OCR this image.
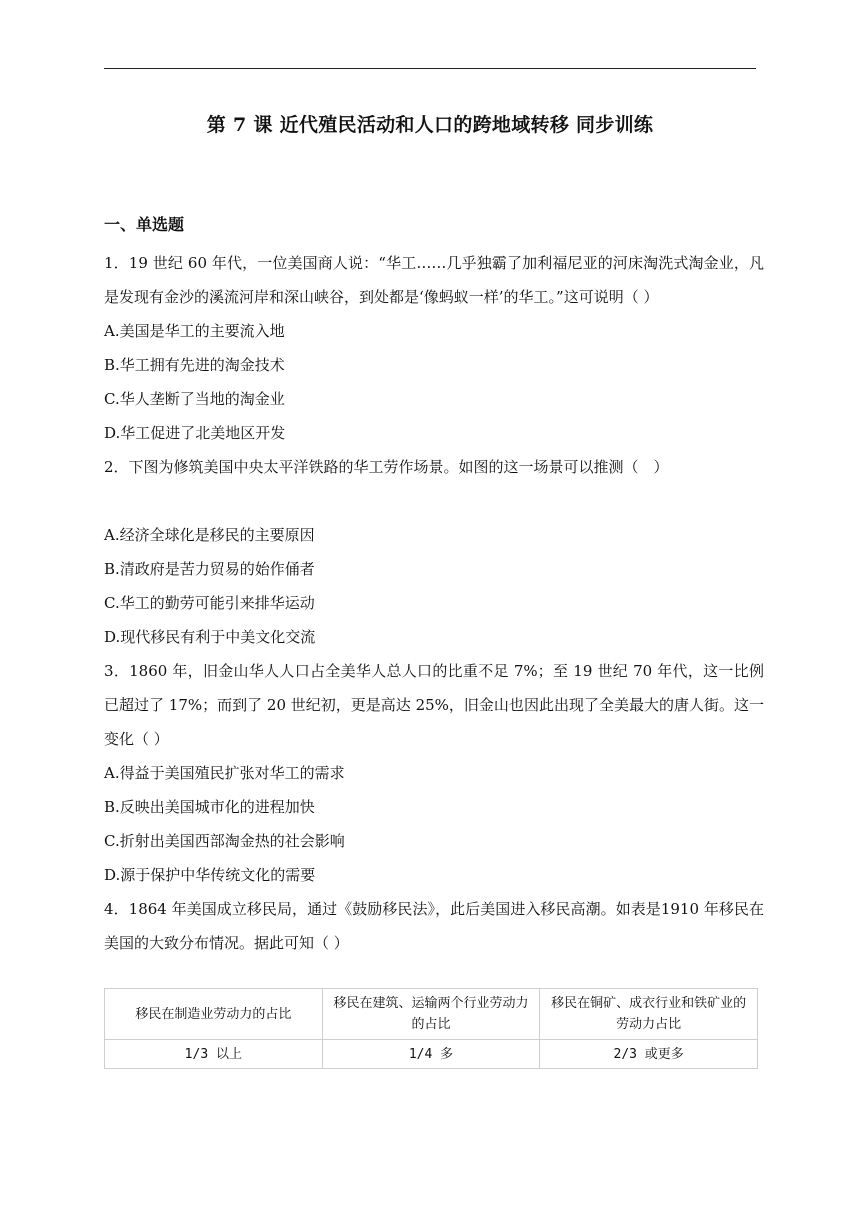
第 7 课 近代殖民活动和人口的跨地域转移 同步训练
一、单选题

1．19 世纪 60 年代，一位美国商人说：“华工……几乎独霸了加利福尼亚的河床淘洗式淘金业，凡是发现有金沙的溪流河岸和深山峡谷，到处都是‘像蚂蚁一样’的华工。”这可说明（ ）

A.美国是华工的主要流入地

B.华工拥有先进的淘金技术

C.华人垄断了当地的淘金业

D.华工促进了北美地区开发

2．下图为修筑美国中央太平洋铁路的华工劳作场景。如图的这一场景可以推测（　）

A.经济全球化是移民的主要原因

B.清政府是苦力贸易的始作俑者

C.华工的勤劳可能引来排华运动

D.现代移民有利于中美文化交流

3．1860 年，旧金山华人人口占全美华人总人口的比重不足 7%；至 19 世纪 70 年代，这一比例已超过了 17%；而到了 20 世纪初，更是高达 25%，旧金山也因此出现了全美最大的唐人街。这一变化（ ）

A.得益于美国殖民扩张对华工的需求

B.反映出美国城市化的进程加快

C.折射出美国西部淘金热的社会影响

D.源于保护中华传统文化的需要

4．1864 年美国成立移民局，通过《鼓励移民法》，此后美国进入移民高潮。如表是1910 年移民在美国的大致分布情况。据此可知（ ）

移民在制造业劳动力的占比	移民在建筑、运输两个行业劳动力的占比	移民在铜矿、成衣行业和铁矿业的劳动力占比
1/3 以上	1/4 多	2/3 或更多
